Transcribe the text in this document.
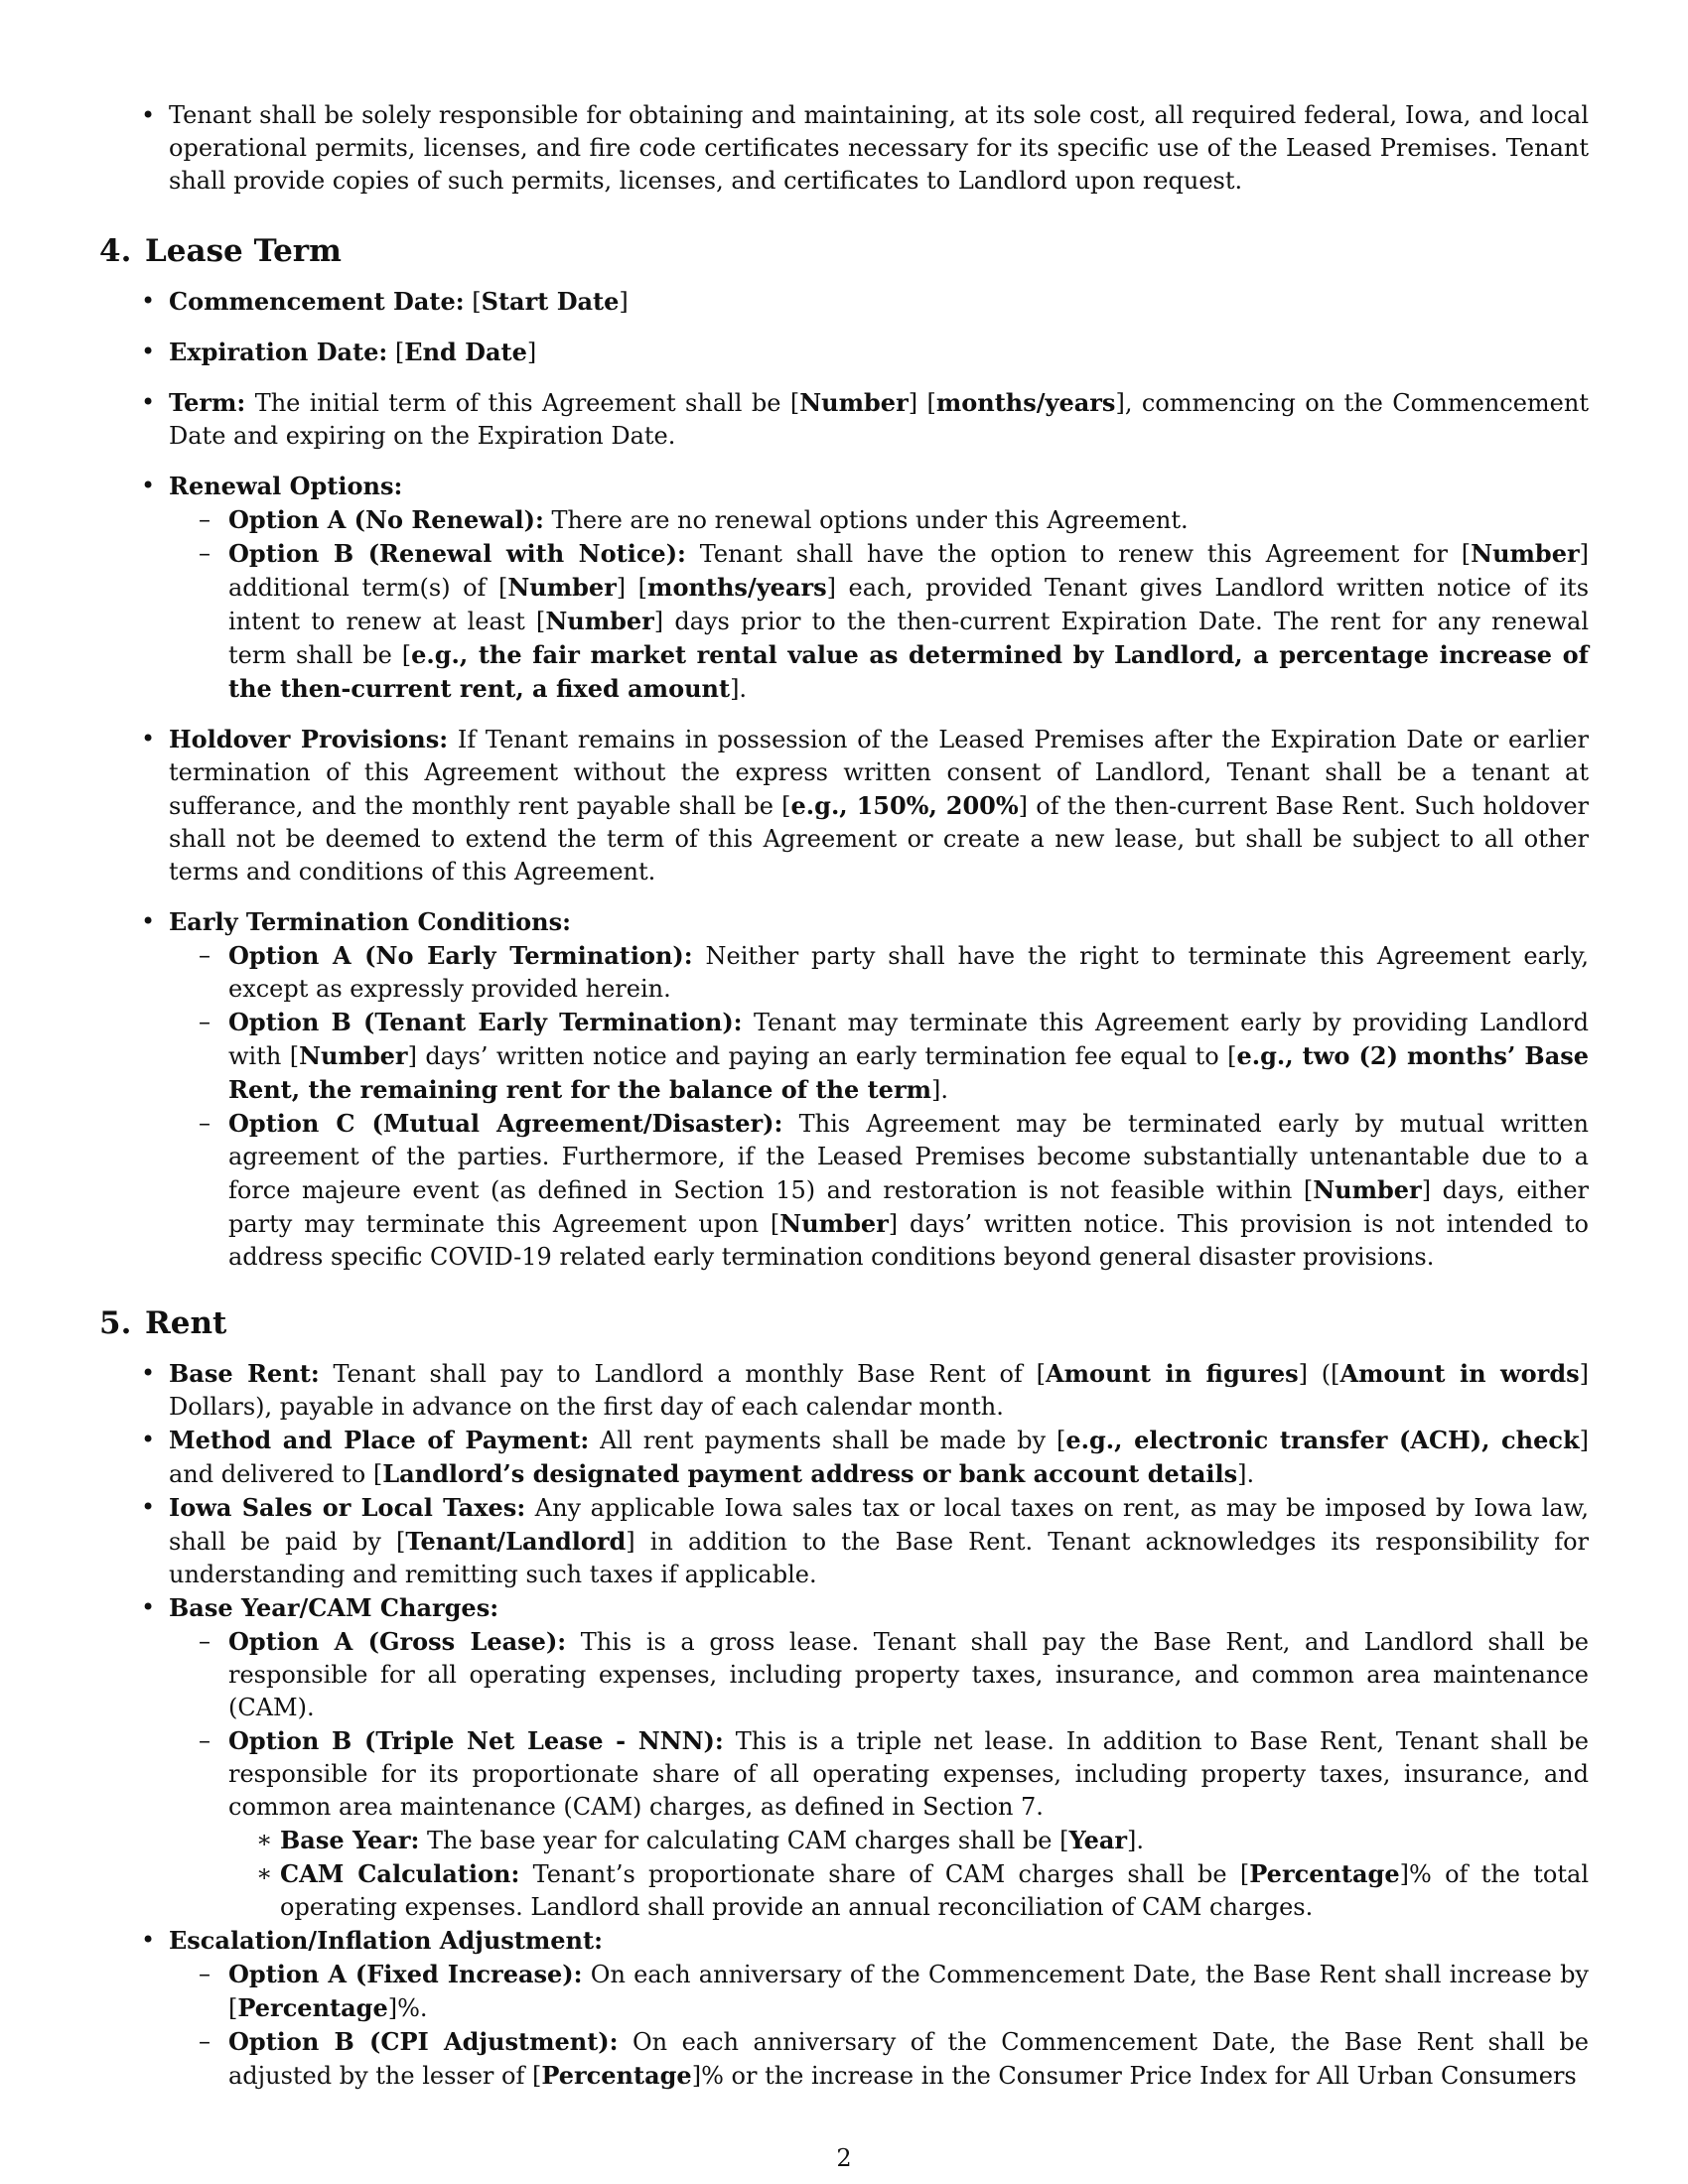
• Tenant shall be solely responsible for obtaining and maintaining, at its sole cost, all required federal, Iowa, and local operational permits, licenses, and fire code certificates necessary for its specific use of the Leased Premises. Tenant shall provide copies of such permits, licenses, and certificates to Landlord upon request.

4. Lease Term

• Commencement Date: [Start Date]

• Expiration Date: [End Date]

• Term: The initial term of this Agreement shall be [Number] [months/years], commencing on the Commencement Date and expiring on the Expiration Date.

• Renewal Options:

– Option A (No Renewal): There are no renewal options under this Agreement.

– Option B (Renewal with Notice): Tenant shall have the option to renew this Agreement for [Number] additional term(s) of [Number] [months/years] each, provided Tenant gives Landlord written notice of its intent to renew at least [Number] days prior to the then-current Expiration Date. The rent for any renewal term shall be [e.g., the fair market rental value as determined by Landlord, a percentage increase of the then-current rent, a fixed amount].

• Holdover Provisions: If Tenant remains in possession of the Leased Premises after the Expiration Date or earlier termination of this Agreement without the express written consent of Landlord, Tenant shall be a tenant at sufferance, and the monthly rent payable shall be [e.g., 150%, 200%] of the then-current Base Rent. Such holdover shall not be deemed to extend the term of this Agreement or create a new lease, but shall be subject to all other terms and conditions of this Agreement.

• Early Termination Conditions:

– Option A (No Early Termination): Neither party shall have the right to terminate this Agreement early, except as expressly provided herein.

– Option B (Tenant Early Termination): Tenant may terminate this Agreement early by providing Landlord with [Number] days’ written notice and paying an early termination fee equal to [e.g., two (2) months’ Base Rent, the remaining rent for the balance of the term].

– Option C (Mutual Agreement/Disaster): This Agreement may be terminated early by mutual written agreement of the parties. Furthermore, if the Leased Premises become substantially untenantable due to a force majeure event (as defined in Section 15) and restoration is not feasible within [Number] days, either party may terminate this Agreement upon [Number] days’ written notice. This provision is not intended to address specific COVID-19 related early termination conditions beyond general disaster provisions.

5. Rent

• Base Rent: Tenant shall pay to Landlord a monthly Base Rent of [Amount in figures] ([Amount in words] Dollars), payable in advance on the first day of each calendar month.

• Method and Place of Payment: All rent payments shall be made by [e.g., electronic transfer (ACH), check] and delivered to [Landlord’s designated payment address or bank account details].

• Iowa Sales or Local Taxes: Any applicable Iowa sales tax or local taxes on rent, as may be imposed by Iowa law, shall be paid by [Tenant/Landlord] in addition to the Base Rent. Tenant acknowledges its responsibility for understanding and remitting such taxes if applicable.

• Base Year/CAM Charges:

– Option A (Gross Lease): This is a gross lease. Tenant shall pay the Base Rent, and Landlord shall be responsible for all operating expenses, including property taxes, insurance, and common area maintenance (CAM).

– Option B (Triple Net Lease - NNN): This is a triple net lease. In addition to Base Rent, Tenant shall be responsible for its proportionate share of all operating expenses, including property taxes, insurance, and common area maintenance (CAM) charges, as defined in Section 7.

∗ Base Year: The base year for calculating CAM charges shall be [Year].

∗ CAM Calculation: Tenant’s proportionate share of CAM charges shall be [Percentage]% of the total operating expenses. Landlord shall provide an annual reconciliation of CAM charges.

• Escalation/Inflation Adjustment:

– Option A (Fixed Increase): On each anniversary of the Commencement Date, the Base Rent shall increase by [Percentage]%.

– Option B (CPI Adjustment): On each anniversary of the Commencement Date, the Base Rent shall be adjusted by the lesser of [Percentage]% or the increase in the Consumer Price Index for All Urban Consumers

2
